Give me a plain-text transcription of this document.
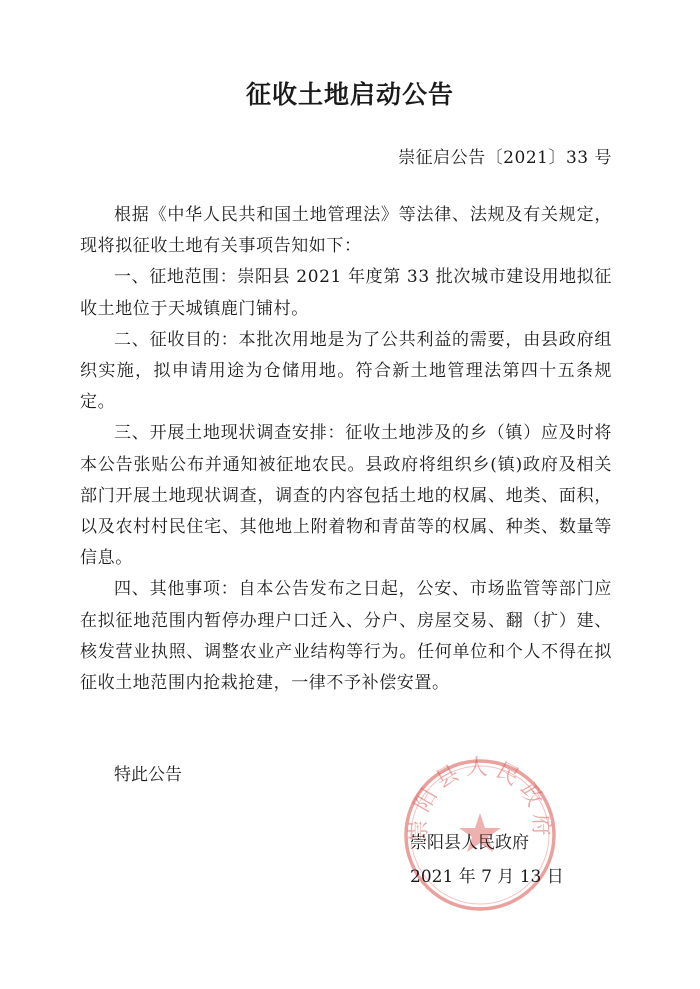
征收土地启动公告
崇征启公告〔2021〕33 号

根据《中华人民共和国土地管理法》等法律、法规及有关规定，现将拟征收土地有关事项告知如下：

一、征地范围：崇阳县 2021 年度第 33 批次城市建设用地拟征收土地位于天城镇鹿门铺村。

二、征收目的：本批次用地是为了公共利益的需要，由县政府组织实施，拟申请用途为仓储用地。符合新土地管理法第四十五条规定。

三、开展土地现状调查安排：征收土地涉及的乡（镇）应及时将本公告张贴公布并通知被征地农民。县政府将组织乡(镇)政府及相关部门开展土地现状调查，调查的内容包括土地的权属、地类、面积，以及农村村民住宅、其他地上附着物和青苗等的权属、种类、数量等信息。

四、其他事项：自本公告发布之日起，公安、市场监管等部门应在拟征地范围内暂停办理户口迁入、分户、房屋交易、翻（扩）建、核发营业执照、调整农业产业结构等行为。任何单位和个人不得在拟征收土地范围内抢栽抢建，一律不予补偿安置。

特此公告
崇阳县人民政府
崇阳县人民政府
2021 年 7 月 13 日
